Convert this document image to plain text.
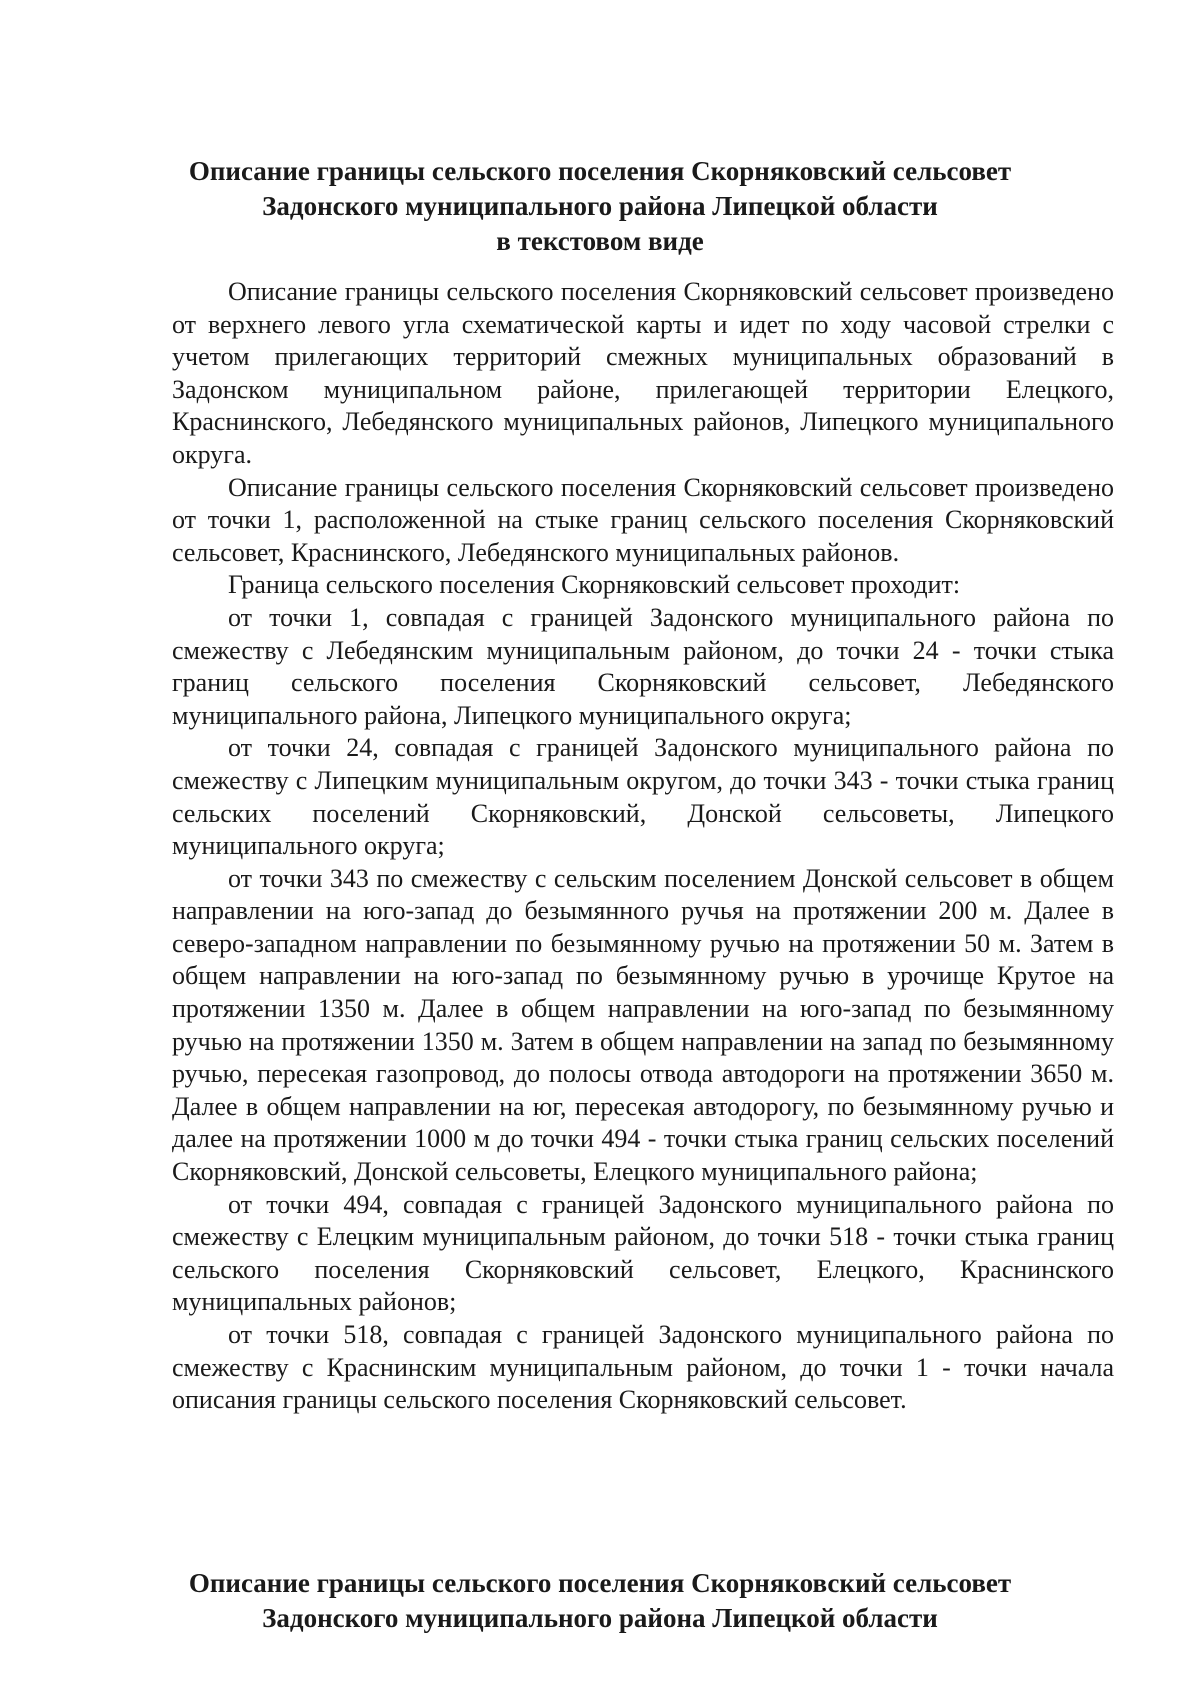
Описание границы сельского поселения Скорняковский сельсовет
Задонского муниципального района Липецкой области
в текстовом виде

Описание границы сельского поселения Скорняковский сельсовет произведено от верхнего левого угла схематической карты и идет по ходу часовой стрелки с учетом прилегающих территорий смежных муниципальных образований в Задонском муниципальном районе, прилегающей территории Елецкого, Краснинского, Лебедянского муниципальных районов, Липецкого муниципального округа.

Описание границы сельского поселения Скорняковский сельсовет произведено от точки 1, расположенной на стыке границ сельского поселения Скорняковский сельсовет, Краснинского, Лебедянского муниципальных районов.

Граница сельского поселения Скорняковский сельсовет проходит:

от точки 1, совпадая с границей Задонского муниципального района по смежеству с Лебедянским муниципальным районом, до точки 24 - точки стыка границ сельского поселения Скорняковский сельсовет, Лебедянского муниципального района, Липецкого муниципального округа;

от точки 24, совпадая с границей Задонского муниципального района по смежеству с Липецким муниципальным округом, до точки 343 - точки стыка границ сельских поселений Скорняковский, Донской сельсоветы, Липецкого муниципального округа;

от точки 343 по смежеству с сельским поселением Донской сельсовет в общем направлении на юго-запад до безымянного ручья на протяжении 200 м. Далее в северо-западном направлении по безымянному ручью на протяжении 50 м. Затем в общем направлении на юго-запад по безымянному ручью в урочище Крутое на протяжении 1350 м. Далее в общем направлении на юго-запад по безымянному ручью на протяжении 1350 м. Затем в общем направлении на запад по безымянному ручью, пересекая газопровод, до полосы отвода автодороги на протяжении 3650 м. Далее в общем направлении на юг, пересекая автодорогу, по безымянному ручью и далее на протяжении 1000 м до точки 494 - точки стыка границ сельских поселений Скорняковский, Донской сельсоветы, Елецкого муниципального района;

от точки 494, совпадая с границей Задонского муниципального района по смежеству с Елецким муниципальным районом, до точки 518 - точки стыка границ сельского поселения Скорняковский сельсовет, Елецкого, Краснинского муниципальных районов;

от точки 518, совпадая с границей Задонского муниципального района по смежеству с Краснинским муниципальным районом, до точки 1 - точки начала описания границы сельского поселения Скорняковский сельсовет.

Описание границы сельского поселения Скорняковский сельсовет
Задонского муниципального района Липецкой области
